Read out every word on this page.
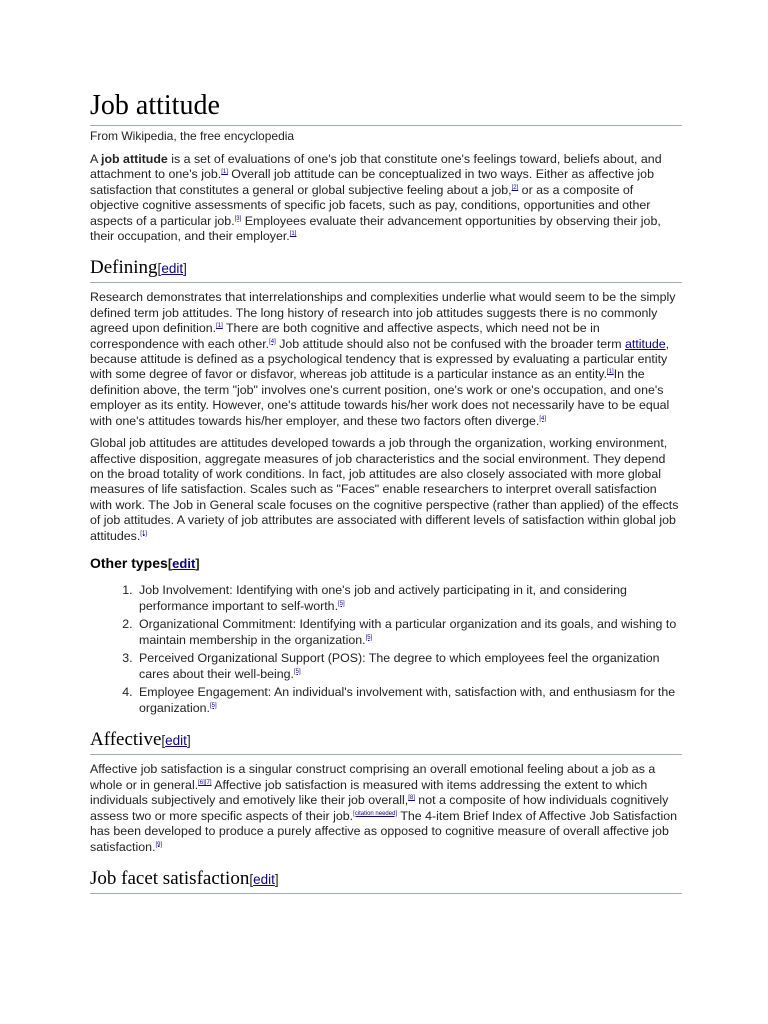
Job attitude
From Wikipedia, the free encyclopedia

A job attitude is a set of evaluations of one's job that constitute one's feelings toward, beliefs about, and attachment to one's job.[1] Overall job attitude can be conceptualized in two ways. Either as affective job satisfaction that constitutes a general or global subjective feeling about a job,[2] or as a composite of objective cognitive assessments of specific job facets, such as pay, conditions, opportunities and other aspects of a particular job.[3] Employees evaluate their advancement opportunities by observing their job, their occupation, and their employer.[1]

Defining[edit]

Research demonstrates that interrelationships and complexities underlie what would seem to be the simply defined term job attitudes. The long history of research into job attitudes suggests there is no commonly agreed upon definition.[1] There are both cognitive and affective aspects, which need not be in correspondence with each other.[4] Job attitude should also not be confused with the broader term attitude, because attitude is defined as a psychological tendency that is expressed by evaluating a particular entity with some degree of favor or disfavor, whereas job attitude is a particular instance as an entity.[1]In the definition above, the term "job" involves one's current position, one's work or one's occupation, and one's employer as its entity. However, one's attitude towards his/her work does not necessarily have to be equal with one's attitudes towards his/her employer, and these two factors often diverge.[4]

Global job attitudes are attitudes developed towards a job through the organization, working environment, affective disposition, aggregate measures of job characteristics and the social environment. They depend on the broad totality of work conditions. In fact, job attitudes are also closely associated with more global measures of life satisfaction. Scales such as "Faces" enable researchers to interpret overall satisfaction with work. The Job in General scale focuses on the cognitive perspective (rather than applied) of the effects of job attitudes. A variety of job attributes are associated with different levels of satisfaction within global job attitudes.[1]

Other types[edit]
1. Job Involvement: Identifying with one's job and actively participating in it, and considering performance important to self-worth.[5]
2. Organizational Commitment: Identifying with a particular organization and its goals, and wishing to maintain membership in the organization.[5]
3. Perceived Organizational Support (POS): The degree to which employees feel the organization cares about their well-being.[5]
4. Employee Engagement: An individual's involvement with, satisfaction with, and enthusiasm for the organization.[5]
Affective[edit]

Affective job satisfaction is a singular construct comprising an overall emotional feeling about a job as a whole or in general.[6][7] Affective job satisfaction is measured with items addressing the extent to which individuals subjectively and emotively like their job overall,[8] not a composite of how individuals cognitively assess two or more specific aspects of their job.[citation needed] The 4-item Brief Index of Affective Job Satisfaction has been developed to produce a purely affective as opposed to cognitive measure of overall affective job satisfaction.[9]

Job facet satisfaction[edit]
